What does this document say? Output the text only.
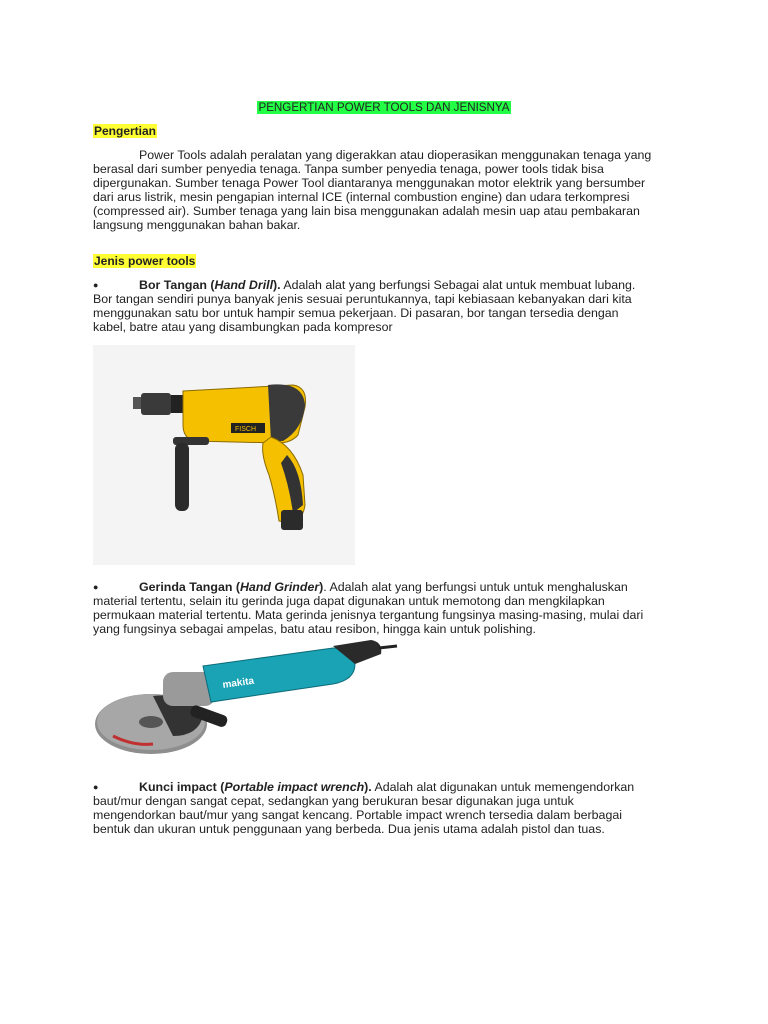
PENGERTIAN POWER TOOLS DAN JENISNYA
Pengertian
Power Tools adalah peralatan yang digerakkan atau dioperasikan menggunakan tenaga yang
berasal dari sumber penyedia tenaga. Tanpa sumber penyedia tenaga, power tools tidak bisa
dipergunakan. Sumber tenaga Power Tool diantaranya menggunakan motor elektrik yang bersumber
dari arus listrik, mesin pengapian internal ICE (internal combustion engine) dan udara terkompresi
(compressed air). Sumber tenaga yang lain bisa menggunakan adalah mesin uap atau pembakaran
langsung menggunakan bahan bakar.
Jenis power tools
●	Bor Tangan (Hand Drill). Adalah alat yang berfungsi Sebagai alat untuk membuat lubang.
Bor tangan sendiri punya banyak jenis sesuai peruntukannya, tapi kebiasaan kebanyakan dari kita
menggunakan satu bor untuk hampir semua pekerjaan. Di pasaran, bor tangan tersedia dengan
kabel, batre atau yang disambungkan pada kompresor
FISCH
●	Gerinda Tangan (Hand Grinder). Adalah alat yang berfungsi untuk untuk menghaluskan
material tertentu, selain itu gerinda juga dapat digunakan untuk memotong dan mengkilapkan
permukaan material tertentu. Mata gerinda jenisnya tergantung fungsinya masing-masing, mulai dari
yang fungsinya sebagai ampelas, batu atau resibon, hingga kain untuk polishing.
makita
●	Kunci impact (Portable impact wrench). Adalah alat digunakan untuk memengendorkan
baut/mur dengan sangat cepat, sedangkan yang berukuran besar digunakan juga untuk
mengendorkan baut/mur yang sangat kencang. Portable impact wrench tersedia dalam berbagai
bentuk dan ukuran untuk penggunaan yang berbeda. Dua jenis utama adalah pistol dan tuas.
